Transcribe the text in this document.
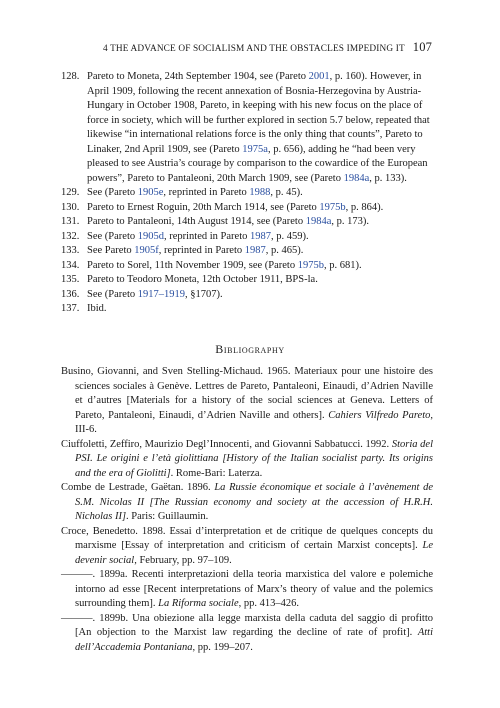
4 THE ADVANCE OF SOCIALISM AND THE OBSTACLES IMPEDING IT 107
128. Pareto to Moneta, 24th September 1904, see (Pareto 2001, p. 160). However, in April 1909, following the recent annexation of Bosnia-Herzegovina by Austria-Hungary in October 1908, Pareto, in keeping with his new focus on the place of force in society, which will be further explored in section 5.7 below, repeated that likewise “in international relations force is the only thing that counts”, Pareto to Linaker, 2nd April 1909, see (Pareto 1975a, p. 656), adding he “had been very pleased to see Austria’s courage by comparison to the cowardice of the European powers”, Pareto to Pantaleoni, 20th March 1909, see (Pareto 1984a, p. 133).
129. See (Pareto 1905e, reprinted in Pareto 1988, p. 45).
130. Pareto to Ernest Roguin, 20th March 1914, see (Pareto 1975b, p. 864).
131. Pareto to Pantaleoni, 14th August 1914, see (Pareto 1984a, p. 173).
132. See (Pareto 1905d, reprinted in Pareto 1987, p. 459).
133. See Pareto 1905f, reprinted in Pareto 1987, p. 465).
134. Pareto to Sorel, 11th November 1909, see (Pareto 1975b, p. 681).
135. Pareto to Teodoro Moneta, 12th October 1911, BPS-la.
136. See (Pareto 1917–1919, §1707).
137. Ibid.
Bibliography
Busino, Giovanni, and Sven Stelling-Michaud. 1965. Materiaux pour une histoire des sciences sociales à Genève. Lettres de Pareto, Pantaleoni, Einaudi, d’Adrien Naville et d’autres [Materials for a history of the social sciences at Geneva. Letters of Pareto, Pantaleoni, Einaudi, d’Adrien Naville and others]. Cahiers Vilfredo Pareto, III-6.
Ciuffoletti, Zeffiro, Maurizio Degl’Innocenti, and Giovanni Sabbatucci. 1992. Storia del PSI. Le origini e l’età giolittiana [History of the Italian socialist party. Its origins and the era of Giolitti]. Rome-Bari: Laterza.
Combe de Lestrade, Gaëtan. 1896. La Russie économique et sociale à l’avènement de S.M. Nicolas II [The Russian economy and society at the accession of H.R.H. Nicholas II]. Paris: Guillaumin.
Croce, Benedetto. 1898. Essai d’interpretation et de critique de quelques concepts du marxisme [Essay of interpretation and criticism of certain Marxist concepts]. Le devenir social, February, pp. 97–109.
———. 1899a. Recenti interpretazioni della teoria marxistica del valore e polemiche intorno ad esse [Recent interpretations of Marx’s theory of value and the polemics surrounding them]. La Riforma sociale, pp. 413–426.
———. 1899b. Una obiezione alla legge marxista della caduta del saggio di profitto [An objection to the Marxist law regarding the decline of rate of profit]. Atti dell’Accademia Pontaniana, pp. 199–207.
